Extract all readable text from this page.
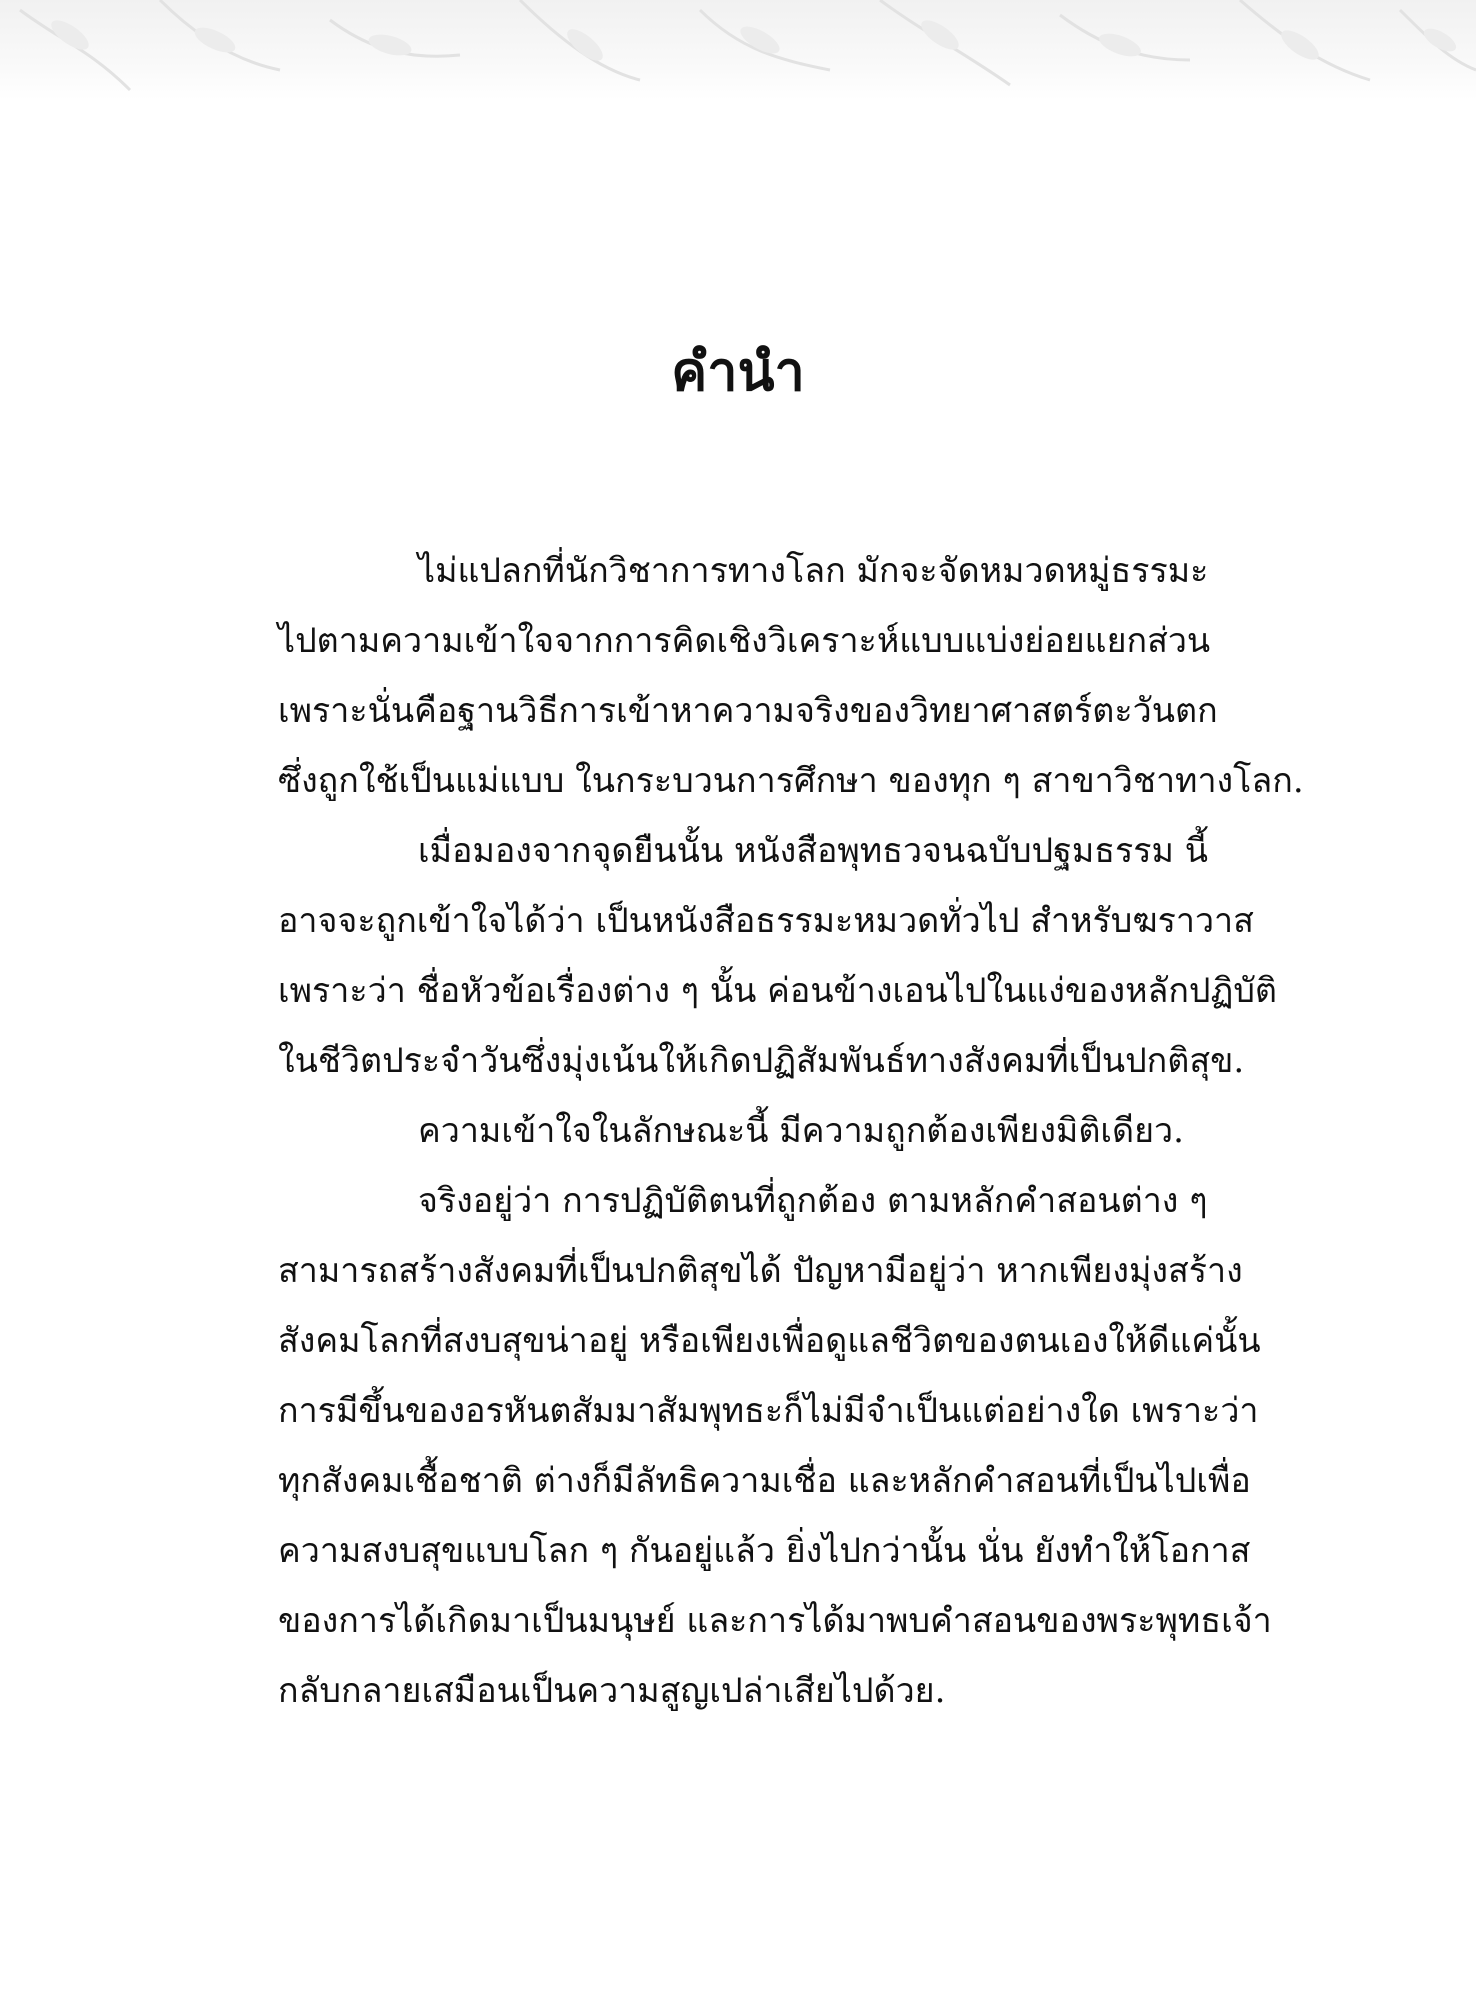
คำนำ

ไม่แปลกที่นักวิชาการทางโลก มักจะจัดหมวดหมู่ธรรมะ
ไปตามความเข้าใจจากการคิดเชิงวิเคราะห์แบบแบ่งย่อยแยกส่วน
เพราะนั่นคือฐานวิธีการเข้าหาความจริงของวิทยาศาสตร์ตะวันตก
ซึ่งถูกใช้เป็นแม่แบบ ในกระบวนการศึกษา ของทุก ๆ สาขาวิชาทางโลก.

เมื่อมองจากจุดยืนนั้น หนังสือพุทธวจนฉบับปฐมธรรม นี้
อาจจะถูกเข้าใจได้ว่า เป็นหนังสือธรรมะหมวดทั่วไป สำหรับฆราวาส
เพราะว่า ชื่อหัวข้อเรื่องต่าง ๆ นั้น ค่อนข้างเอนไปในแง่ของหลักปฏิบัติ
ในชีวิตประจำวันซึ่งมุ่งเน้นให้เกิดปฏิสัมพันธ์ทางสังคมที่เป็นปกติสุข.

ความเข้าใจในลักษณะนี้ มีความถูกต้องเพียงมิติเดียว.

จริงอยู่ว่า การปฏิบัติตนที่ถูกต้อง ตามหลักคำสอนต่าง ๆ
สามารถสร้างสังคมที่เป็นปกติสุขได้ ปัญหามีอยู่ว่า หากเพียงมุ่งสร้าง
สังคมโลกที่สงบสุขน่าอยู่ หรือเพียงเพื่อดูแลชีวิตของตนเองให้ดีแค่นั้น
การมีขึ้นของอรหันตสัมมาสัมพุทธะก็ไม่มีจำเป็นแต่อย่างใด เพราะว่า
ทุกสังคมเชื้อชาติ ต่างก็มีลัทธิความเชื่อ และหลักคำสอนที่เป็นไปเพื่อ
ความสงบสุขแบบโลก ๆ กันอยู่แล้ว ยิ่งไปกว่านั้น นั่น ยังทำให้โอกาส
ของการได้เกิดมาเป็นมนุษย์ และการได้มาพบคำสอนของพระพุทธเจ้า
กลับกลายเสมือนเป็นความสูญเปล่าเสียไปด้วย.
